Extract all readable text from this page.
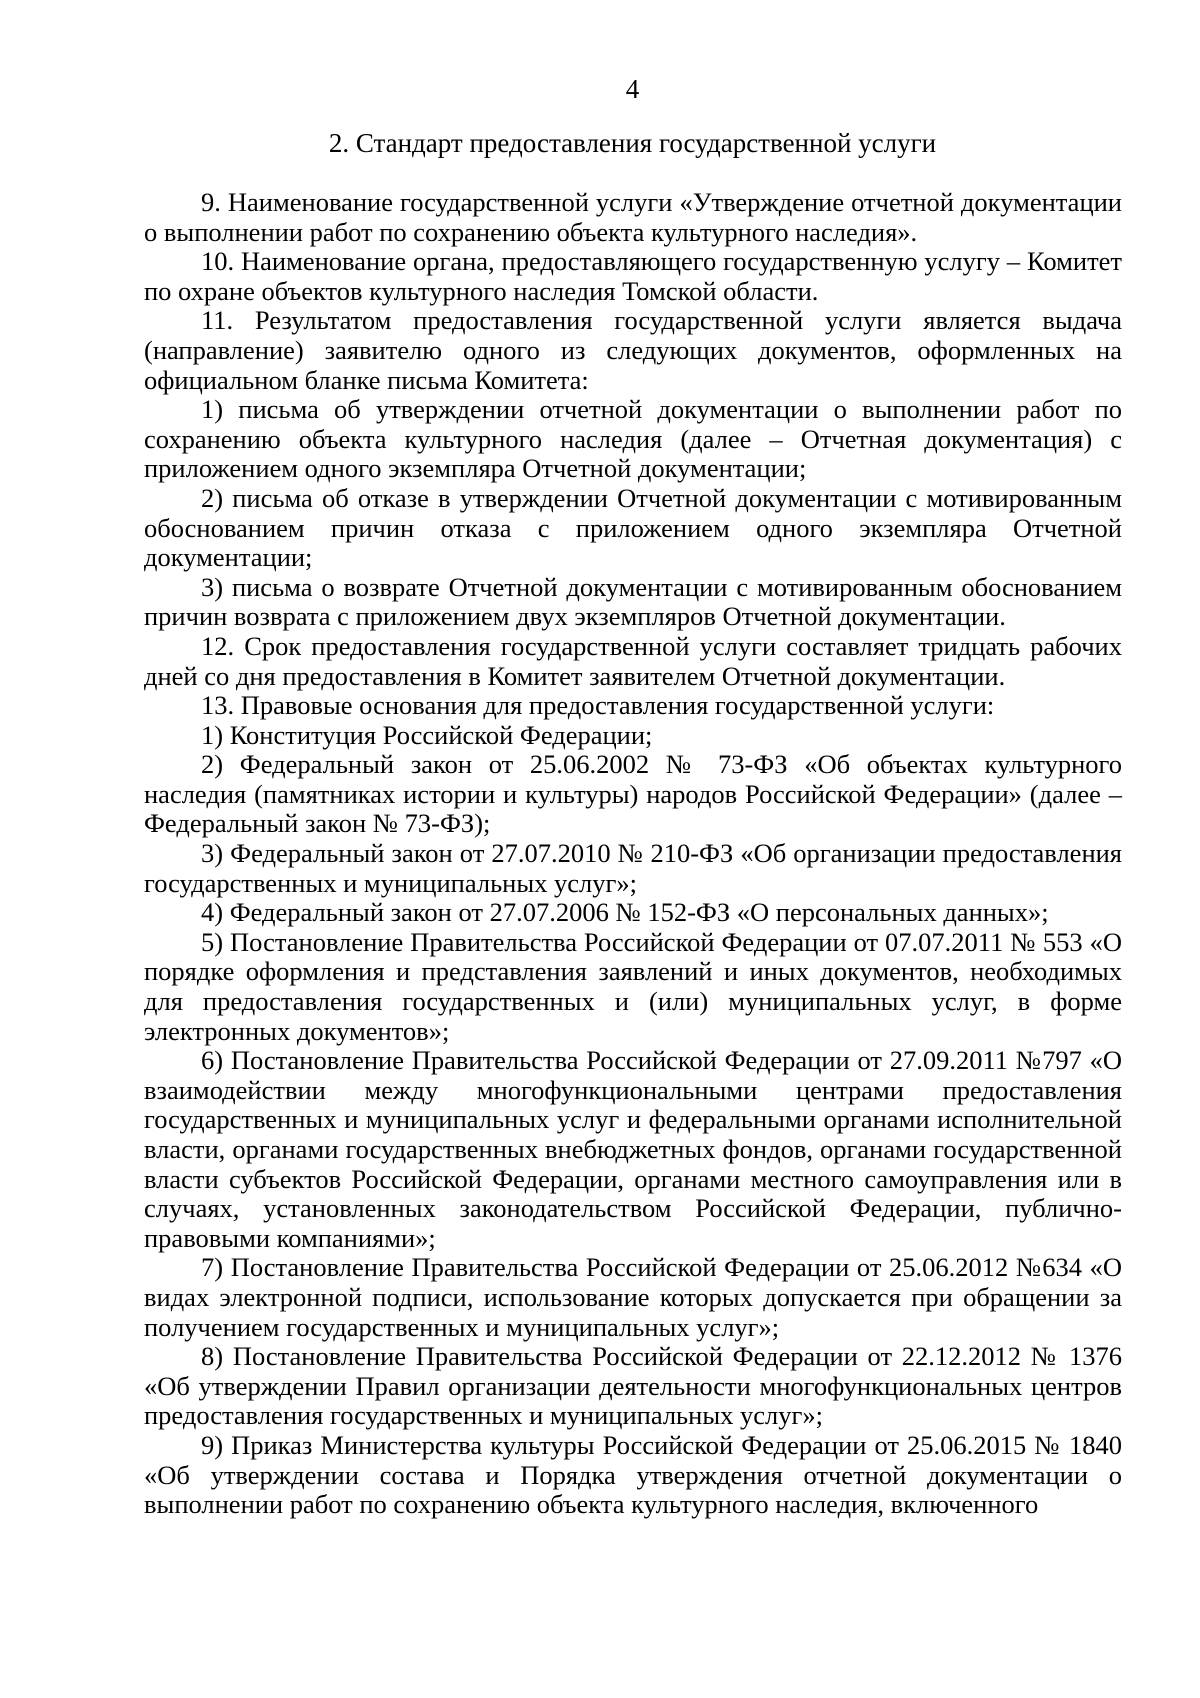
4
2. Стандарт предоставления государственной услуги

9. Наименование государственной услуги «Утверждение отчетной документации о выполнении работ по сохранению объекта культурного наследия».

10. Наименование органа, предоставляющего государственную услугу – Комитет по охране объектов культурного наследия Томской области.

11. Результатом предоставления государственной услуги является выдача (направление) заявителю одного из следующих документов, оформленных на официальном бланке письма Комитета:

1) письма об утверждении отчетной документации о выполнении работ по сохранению объекта культурного наследия (далее – Отчетная документация) с приложением одного экземпляра Отчетной документации;

2) письма об отказе в утверждении Отчетной документации с мотивированным обоснованием причин отказа с приложением одного экземпляра Отчетной документации;

3) письма о возврате Отчетной документации с мотивированным обоснованием причин возврата с приложением двух экземпляров Отчетной документации.

12. Срок предоставления государственной услуги составляет тридцать рабочих дней со дня предоставления в Комитет заявителем Отчетной документации.

13. Правовые основания для предоставления государственной услуги:

1) Конституция Российской Федерации;

2) Федеральный закон от 25.06.2002 № 73-ФЗ «Об объектах культурного наследия (памятниках истории и культуры) народов Российской Федерации» (далее – Федеральный закон № 73-ФЗ);

3) Федеральный закон от 27.07.2010 № 210-ФЗ «Об организации предоставления государственных и муниципальных услуг»;

4) Федеральный закон от 27.07.2006 № 152-ФЗ «О персональных данных»;

5) Постановление Правительства Российской Федерации от 07.07.2011 № 553 «О порядке оформления и представления заявлений и иных документов, необходимых для предоставления государственных и (или) муниципальных услуг, в форме электронных документов»;

6) Постановление Правительства Российской Федерации от 27.09.2011 №797 «О взаимодействии между многофункциональными центрами предоставления государственных и муниципальных услуг и федеральными органами исполнительной власти, органами государственных внебюджетных фондов, органами государственной власти субъектов Российской Федерации, органами местного самоуправления или в случаях, установленных законодательством Российской Федерации, публично-правовыми компаниями»;

7) Постановление Правительства Российской Федерации от 25.06.2012 №634 «О видах электронной подписи, использование которых допускается при обращении за получением государственных и муниципальных услуг»;

8) Постановление Правительства Российской Федерации от 22.12.2012 № 1376 «Об утверждении Правил организации деятельности многофункциональных центров предоставления государственных и муниципальных услуг»;

9) Приказ Министерства культуры Российской Федерации от 25.06.2015 № 1840 «Об утверждении состава и Порядка утверждения отчетной документации о выполнении работ по сохранению объекта культурного наследия, включенного
